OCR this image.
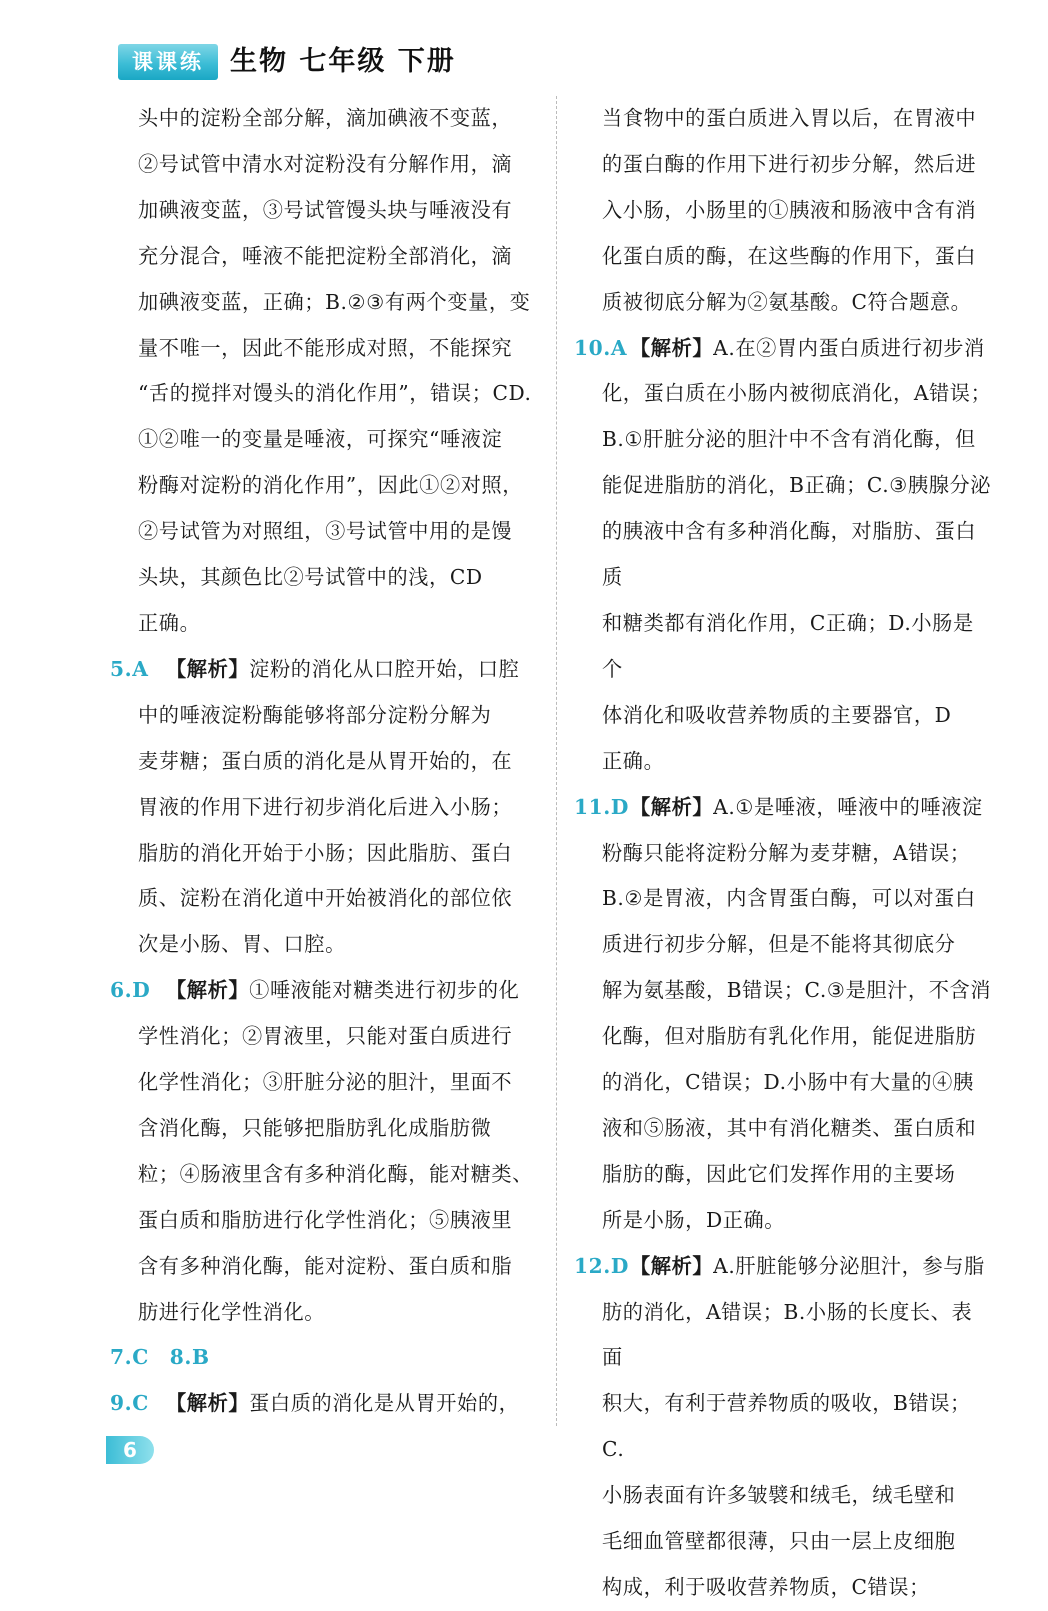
课课练 生物 七年级 下册
头中的淀粉全部分解，滴加碘液不变蓝，
②号试管中清水对淀粉没有分解作用，滴
加碘液变蓝，③号试管馒头块与唾液没有
充分混合，唾液不能把淀粉全部消化，滴
加碘液变蓝，正确；B.②③有两个变量，变
量不唯一，因此不能形成对照，不能探究
“舌的搅拌对馒头的消化作用”，错误；CD.
①②唯一的变量是唾液，可探究“唾液淀
粉酶对淀粉的消化作用”，因此①②对照，
②号试管为对照组，③号试管中用的是馒
头块，其颜色比②号试管中的浅，CD
正确。
5.A 【解析】淀粉的消化从口腔开始，口腔
中的唾液淀粉酶能够将部分淀粉分解为
麦芽糖；蛋白质的消化是从胃开始的，在
胃液的作用下进行初步消化后进入小肠；
脂肪的消化开始于小肠；因此脂肪、蛋白
质、淀粉在消化道中开始被消化的部位依
次是小肠、胃、口腔。
6.D 【解析】①唾液能对糖类进行初步的化
学性消化；②胃液里，只能对蛋白质进行
化学性消化；③肝脏分泌的胆汁，里面不
含消化酶，只能够把脂肪乳化成脂肪微
粒；④肠液里含有多种消化酶，能对糖类、
蛋白质和脂肪进行化学性消化；⑤胰液里
含有多种消化酶，能对淀粉、蛋白质和脂
肪进行化学性消化。
7.C　8.B
9.C 【解析】蛋白质的消化是从胃开始的，
当食物中的蛋白质进入胃以后，在胃液中
的蛋白酶的作用下进行初步分解，然后进
入小肠，小肠里的①胰液和肠液中含有消
化蛋白质的酶，在这些酶的作用下，蛋白
质被彻底分解为②氨基酸。C符合题意。
10.A 【解析】A.在②胃内蛋白质进行初步消
化，蛋白质在小肠内被彻底消化，A错误；
B.①肝脏分泌的胆汁中不含有消化酶，但
能促进脂肪的消化，B正确；C.③胰腺分泌
的胰液中含有多种消化酶，对脂肪、蛋白质
和糖类都有消化作用，C正确；D.小肠是个
体消化和吸收营养物质的主要器官，D
正确。
11.D【解析】A.①是唾液，唾液中的唾液淀
粉酶只能将淀粉分解为麦芽糖，A错误；
B.②是胃液，内含胃蛋白酶，可以对蛋白
质进行初步分解，但是不能将其彻底分
解为氨基酸，B错误；C.③是胆汁，不含消
化酶，但对脂肪有乳化作用，能促进脂肪
的消化，C错误；D.小肠中有大量的④胰
液和⑤肠液，其中有消化糖类、蛋白质和
脂肪的酶，因此它们发挥作用的主要场
所是小肠，D正确。
12.D【解析】A.肝脏能够分泌胆汁，参与脂
肪的消化，A错误；B.小肠的长度长、表面
积大，有利于营养物质的吸收，B错误；C.
小肠表面有许多皱襞和绒毛，绒毛壁和
毛细血管壁都很薄，只由一层上皮细胞
构成，利于吸收营养物质，C错误；
6
